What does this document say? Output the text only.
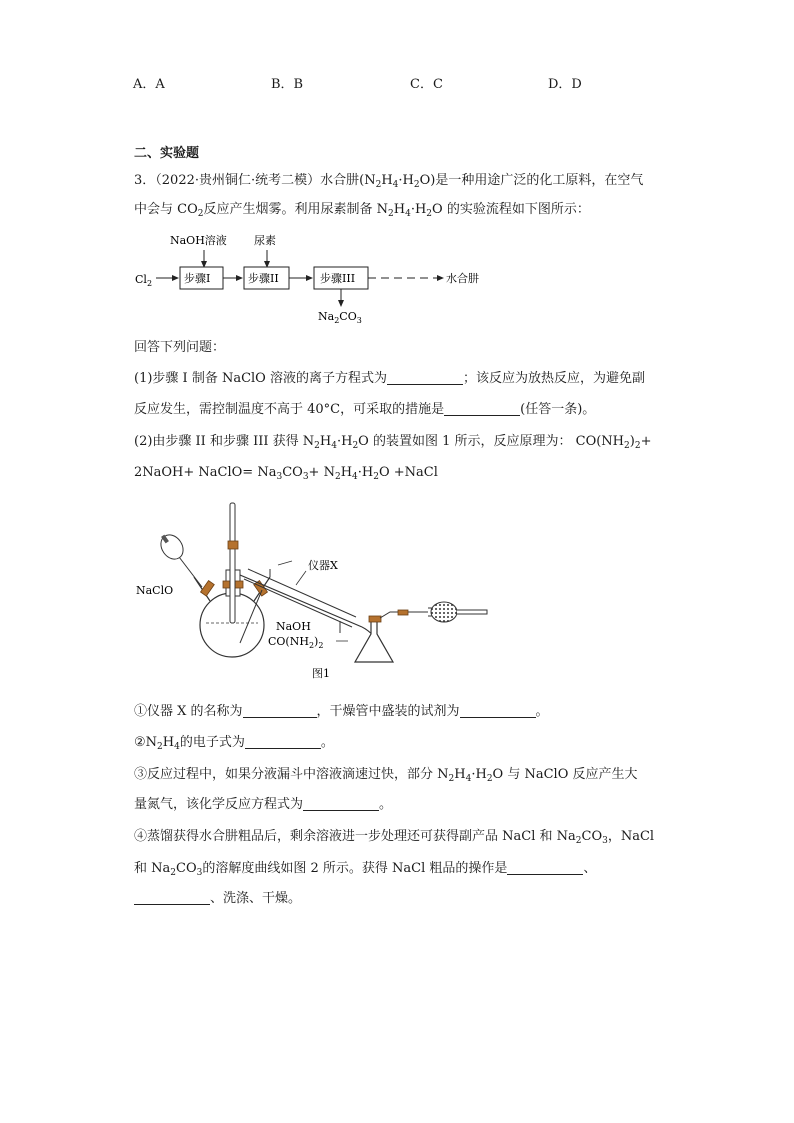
A．A	B．B	C．C	D．D
二、实验题
3．（2022·贵州铜仁·统考二模）水合肼$(N_2H_4\cdot H_2O)$是一种用途广泛的化工原料，在空气
中会与 $CO_2$反应产生烟雾。利用尿素制备 $N_2H_4\cdot H_2O$ 的实验流程如下图所示：
NaOH溶液 尿素
$Cl_2$	步骤I	步骤II	步骤III	水合肼
$Na_2CO_3$
回答下列问题：
(1)步骤 I 制备 NaClO 溶液的离子方程式为	；该反应为放热反应，为避免副
反应发生，需控制温度不高于 40°C，可采取的措施是	(任答一条)。
(2)由步骤 II 和步骤 III 获得 $N_2H_4\cdot H_2O$ 的装置如图 1 所示，反应原理为： $CO(NH_2)_2+$
2NaOH+ NaClO= $Na_3CO_3+ N_2H_4\cdot H_2O$ +NaCl
NaClO
仪器X
NaOH
$CO(NH_2)_2$
图1
①仪器 X 的名称为	，干燥管中盛装的试剂为	。
$②N_2H_4$的电子式为	。
③反应过程中，如果分液漏斗中溶液滴速过快，部分 $N_2H_4\cdot H_2O$ 与 NaClO 反应产生大
量氮气，该化学反应方程式为	。
④蒸馏获得水合肼粗品后，剩余溶液进一步处理还可获得副产品 NaCl 和 $Na_2CO_3$，NaCl
和 $Na_2CO_3$的溶解度曲线如图 2 所示。获得 NaCl 粗品的操作是	、
、洗涤、干燥。
